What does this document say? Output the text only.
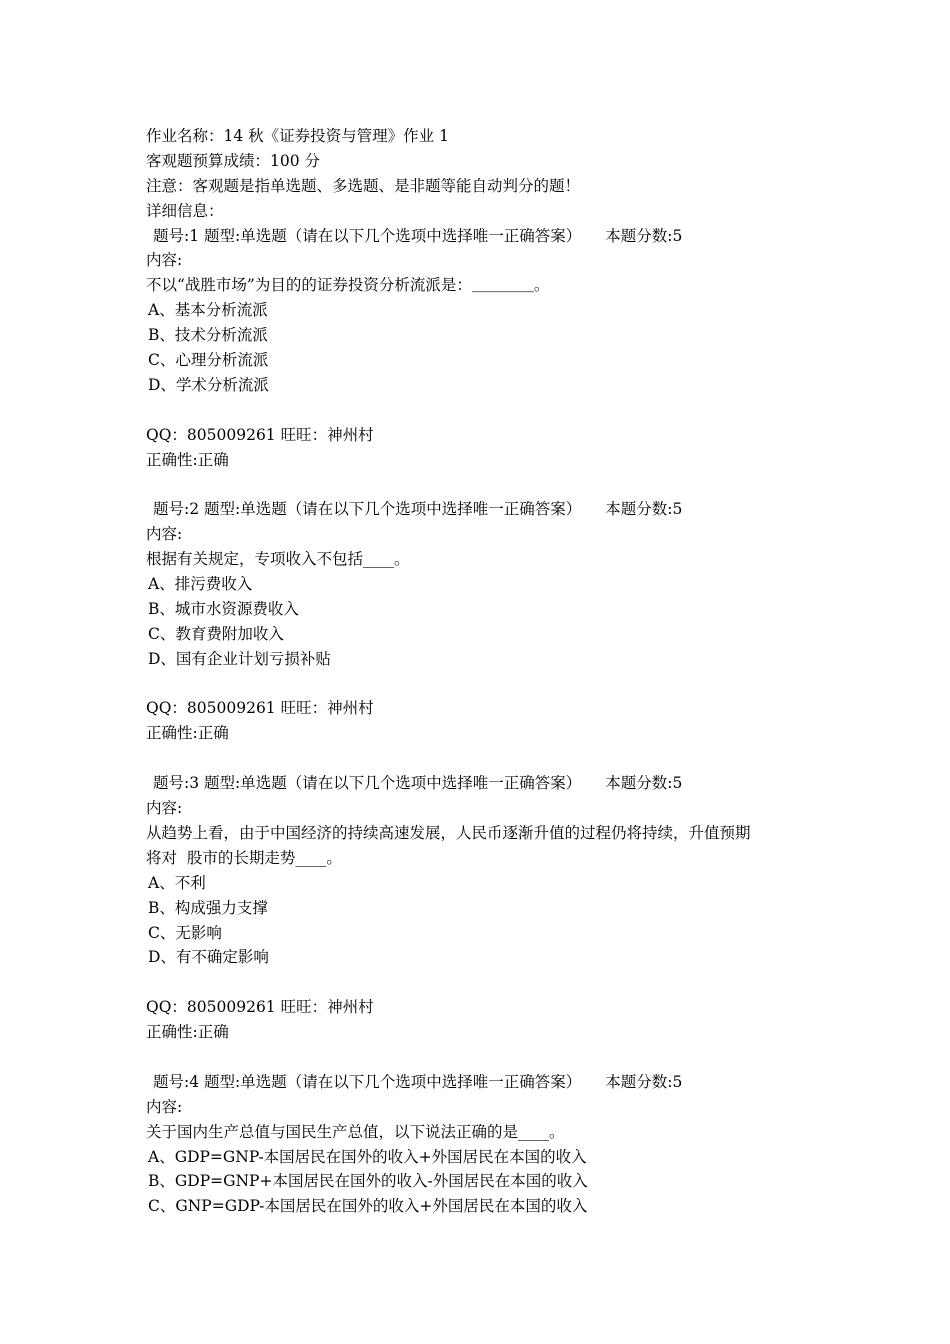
作业名称：14 秋《证券投资与管理》作业 1
客观题预算成绩：100 分
注意：客观题是指单选题、多选题、是非题等能自动判分的题！
详细信息：
题号:1 题型:单选题（请在以下几个选项中选择唯一正确答案） 本题分数:5
内容:
不以“战胜市场”为目的的证券投资分析流派是：＿＿＿＿。
A、基本分析流派
B、技术分析流派
C、心理分析流派
D、学术分析流派
QQ：805009261 旺旺：神州村
正确性:正确
题号:2 题型:单选题（请在以下几个选项中选择唯一正确答案） 本题分数:5
内容:
根据有关规定，专项收入不包括____。
A、排污费收入
B、城市水资源费收入
C、教育费附加收入
D、国有企业计划亏损补贴
QQ：805009261 旺旺：神州村
正确性:正确
题号:3 题型:单选题（请在以下几个选项中选择唯一正确答案） 本题分数:5
内容:
从趋势上看，由于中国经济的持续高速发展，人民币逐渐升值的过程仍将持续，升值预期
将对  股市的长期走势____。
A、不利
B、构成强力支撑
C、无影响
D、有不确定影响
QQ：805009261 旺旺：神州村
正确性:正确
题号:4 题型:单选题（请在以下几个选项中选择唯一正确答案） 本题分数:5
内容:
关于国内生产总值与国民生产总值，以下说法正确的是____。
A、GDP=GNP-本国居民在国外的收入+外国居民在本国的收入
B、GDP=GNP+本国居民在国外的收入-外国居民在本国的收入
C、GNP=GDP-本国居民在国外的收入+外国居民在本国的收入
